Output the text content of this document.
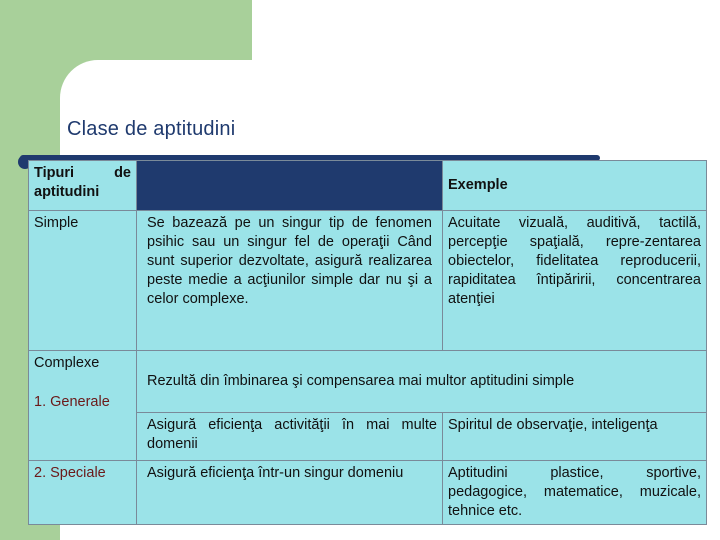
Clase de aptitudini
Tipuri de aptitudini		Exemple
Simple	Se bazează pe un singur tip de fenomen psihic sau un singur fel de operaţii Când sunt superior dezvoltate, asigură realizarea peste medie a acţiunilor simple dar nu şi a celor complexe.	Acuitate vizuală, auditivă, tactilă, percepţie spaţială, repre-zentarea obiectelor, fidelitatea reproducerii, rapiditatea întipăririi, concentrarea atenţiei

Complexe
1. Generale	Rezultă din îmbinarea şi compensarea mai multor aptitudini simple	
	Asigură eficienţa activităţii în mai multe domenii	Spiritul de observaţie, inteligenţa
2. Speciale	Asigură eficienţa într-un singur domeniu	Aptitudini plastice, sportive, pedagogice, matematice, muzicale, tehnice etc.
